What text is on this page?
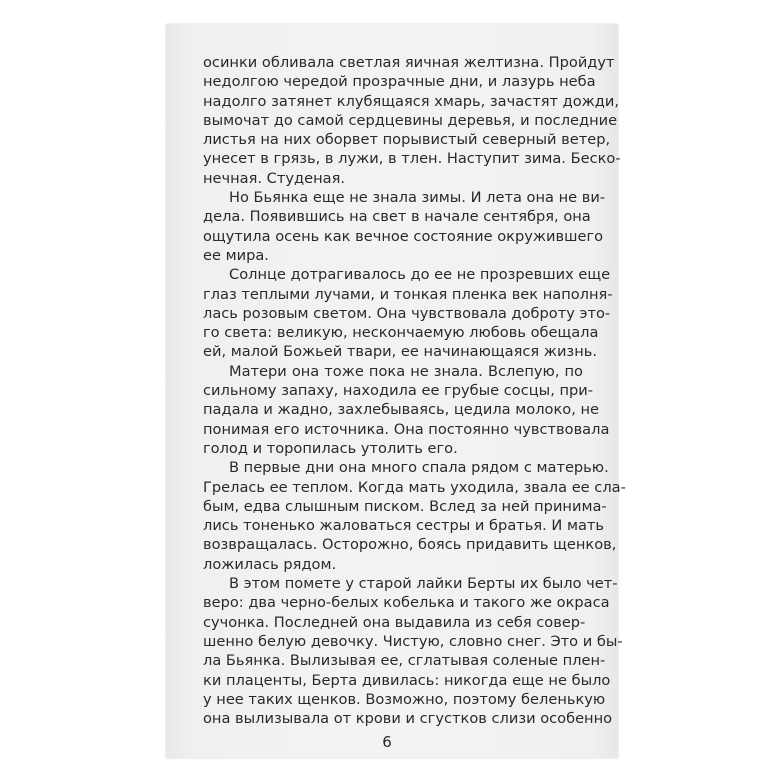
осинки обливала светлая яичная желтизна. Пройдут
недолгою чередой прозрачные дни, и лазурь неба
надолго затянет клубящаяся хмарь, зачастят дожди,
вымочат до самой сердцевины деревья, и последние
листья на них оборвет порывистый северный ветер,
унесет в грязь, в лужи, в тлен. Наступит зима. Беско-
нечная. Студеная.
Но Бьянка еще не знала зимы. И лета она не ви-
дела. Появившись на свет в начале сентября, она
ощутила осень как вечное состояние окружившего
ее мира.
Солнце дотрагивалось до ее не прозревших еще
глаз теплыми лучами, и тонкая пленка век наполня-
лась розовым светом. Она чувствовала доброту это-
го света: великую, нескончаемую любовь обещала
ей, малой Божьей твари, ее начинающаяся жизнь.
Матери она тоже пока не знала. Вслепую, по
сильному запаху, находила ее грубые сосцы, при-
падала и жадно, захлебываясь, цедила молоко, не
понимая его источника. Она постоянно чувствовала
голод и торопилась утолить его.
В первые дни она много спала рядом с матерью.
Грелась ее теплом. Когда мать уходила, звала ее сла-
бым, едва слышным писком. Вслед за ней принима-
лись тоненько жаловаться сестры и братья. И мать
возвращалась. Осторожно, боясь придавить щенков,
ложилась рядом.
В этом помете у старой лайки Берты их было чет-
веро: два черно-белых кобелька и такого же окраса
сучонка. Последней она выдавила из себя совер-
шенно белую девочку. Чистую, словно снег. Это и бы-
ла Бьянка. Вылизывая ее, сглатывая соленые плен-
ки плаценты, Берта дивилась: никогда еще не было
у нее таких щенков. Возможно, поэтому беленькую
она вылизывала от крови и сгустков слизи особенно
6
